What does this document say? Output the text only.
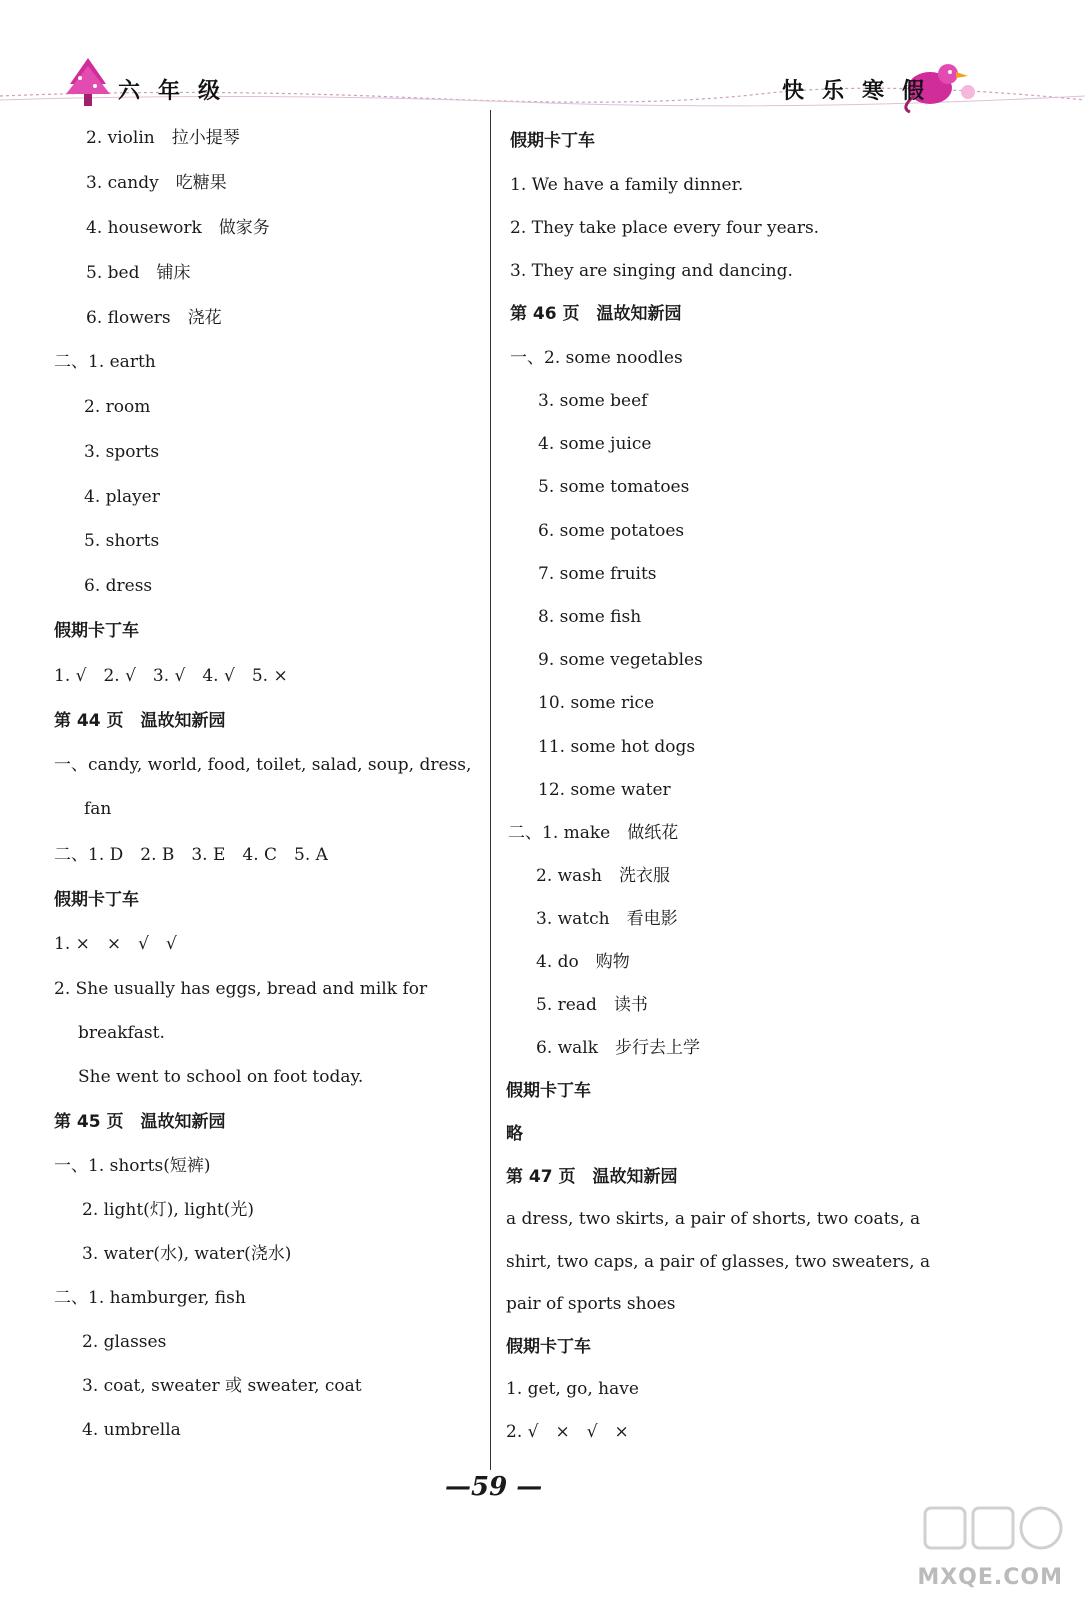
六年级	快乐寒假
2. violin　拉小提琴
3. candy　吃糖果
4. housework　做家务
5. bed　铺床
6. flowers　浇花
二、1. earth
2. room
3. sports
4. player
5. shorts
6. dress
假期卡丁车
1. √　2. √　3. √　4. √　5. ×
第 44 页　温故知新园
一、candy, world, food, toilet, salad, soup, dress,
fan
二、1. D　2. B　3. E　4. C　5. A
假期卡丁车
1. ×　×　√　√
2. She usually has eggs, bread and milk for
breakfast.
She went to school on foot today.
第 45 页　温故知新园
一、1. shorts(短裤)
2. light(灯), light(光)
3. water(水), water(浇水)
二、1. hamburger, fish
2. glasses
3. coat, sweater 或 sweater, coat
4. umbrella
假期卡丁车
1. We have a family dinner.
2. They take place every four years.
3. They are singing and dancing.
第 46 页　温故知新园
一、2. some noodles
3. some beef
4. some juice
5. some tomatoes
6. some potatoes
7. some fruits
8. some fish
9. some vegetables
10. some rice
11. some hot dogs
12. some water
二、1. make　做纸花
2. wash　洗衣服
3. watch　看电影
4. do　购物
5. read　读书
6. walk　步行去上学
假期卡丁车
略
第 47 页　温故知新园
a dress, two skirts, a pair of shorts, two coats, a
shirt, two caps, a pair of glasses, two sweaters, a
pair of sports shoes
假期卡丁车
1. get, go, have
2. √　×　√　×
—59 —
MXQE.COM
